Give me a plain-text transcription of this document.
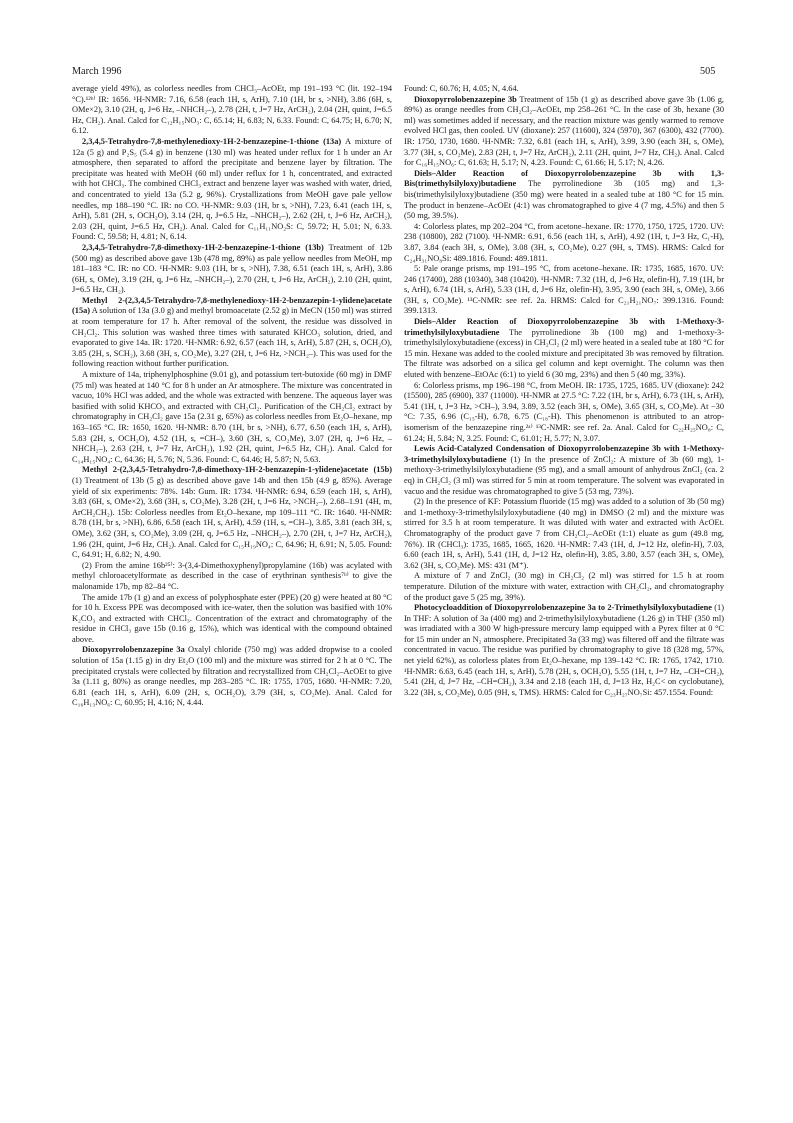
March 1996	505

average yield 49%), as colorless needles from CHCl₃–AcOEt, mp 191–193 °C (lit. 192–194 °C).¹²ᵇ⁾ IR: 1656. ¹H-NMR: 7.16, 6.58 (each 1H, s, ArH), 7.10 (1H, br s, >NH), 3.86 (6H, s, OMe×2), 3.10 (2H, q, J=6 Hz, –NHCH₂–), 2.78 (2H, t, J=7 Hz, ArCH₂), 2.04 (2H, quint, J=6.5 Hz, CH₂). Anal. Calcd for C₁₂H₁₅NO₃: C, 65.14; H, 6.83; N, 6.33. Found: C, 64.75; H, 6.70; N, 6.12.

2,3,4,5-Tetrahydro-7,8-methylenedioxy-1H-2-benzazepine-1-thione (13a) A mixture of 12a (5 g) and P₂S₅ (5.4 g) in benzene (130 ml) was heated under reflux for 1 h under an Ar atmosphere, then separated to afford the precipitate and benzene layer by filtration. The precipitate was heated with MeOH (60 ml) under reflux for 1 h, concentrated, and extracted with hot CHCl₃. The combined CHCl₃ extract and benzene layer was washed with water, dried, and concentrated to yield 13a (5.2 g, 96%). Crystallizations from MeOH gave pale yellow needles, mp 188–190 °C. IR: no CO. ¹H-NMR: 9.03 (1H, br s, >NH), 7.23, 6.41 (each 1H, s, ArH), 5.81 (2H, s, OCH₂O), 3.14 (2H, q, J=6.5 Hz, –NHCH₂–), 2.62 (2H, t, J=6 Hz, ArCH₂), 2.03 (2H, quint, J=6.5 Hz, CH₂). Anal. Calcd for C₁₁H₁₁NO₂S: C, 59.72; H, 5.01; N, 6.33. Found: C, 59.58; H, 4.81; N, 6.14.

2,3,4,5-Tetrahydro-7,8-dimethoxy-1H-2-benzazepine-1-thione (13b) Treatment of 12b (500 mg) as described above gave 13b (478 mg, 89%) as pale yellow needles from MeOH, mp 181–183 °C. IR: no CO. ¹H-NMR: 9.03 (1H, br s, >NH), 7.38, 6.51 (each 1H, s, ArH), 3.86 (6H, s, OMe), 3.19 (2H, q, J=6 Hz, –NHCH₂–), 2.70 (2H, t, J=6 Hz, ArCH₂), 2.10 (2H, quint, J=6.5 Hz, CH₂).

Methyl 2-(2,3,4,5-Tetrahydro-7,8-methylenedioxy-1H-2-benzazepin-1-ylidene)acetate (15a) A solution of 13a (3.0 g) and methyl bromoacetate (2.52 g) in MeCN (150 ml) was stirred at room temperature for 17 h. After removal of the solvent, the residue was dissolved in CH₂Cl₂. This solution was washed three times with saturated KHCO₃ solution, dried, and evaporated to give 14a. IR: 1720. ¹H-NMR: 6.92, 6.57 (each 1H, s, ArH), 5.87 (2H, s, OCH₂O), 3.85 (2H, s, SCH₂), 3.68 (3H, s, CO₂Me), 3.27 (2H, t, J=6 Hz, >NCH₂–). This was used for the following reaction without further purification.

A mixture of 14a, triphenylphosphine (9.01 g), and potassium tert-butoxide (60 mg) in DMF (75 ml) was heated at 140 °C for 8 h under an Ar atmosphere. The mixture was concentrated in vacuo, 10% HCl was added, and the whole was extracted with benzene. The aqueous layer was basified with solid KHCO₃ and extracted with CH₂Cl₂. Purification of the CH₂Cl₂ extract by chromatography in CH₂Cl₂ gave 15a (2.31 g, 65%) as colorless needles from Et₂O–hexane, mp 163–165 °C. IR: 1650, 1620. ¹H-NMR: 8.70 (1H, br s, >NH), 6.77, 6.50 (each 1H, s, ArH), 5.83 (2H, s, OCH₂O), 4.52 (1H, s, =CH–), 3.60 (3H, s, CO₂Me), 3.07 (2H, q, J=6 Hz, –NHCH₂–), 2.63 (2H, t, J=7 Hz, ArCH₂), 1.92 (2H, quint, J=6.5 Hz, CH₂). Anal. Calcd for C₁₄H₁₅NO₄: C, 64.36; H, 5.76; N, 5.36. Found: C, 64.46; H, 5.87; N, 5.63.

Methyl 2-(2,3,4,5-Tetrahydro-7,8-dimethoxy-1H-2-benzazepin-1-ylidene)acetate (15b) (1) Treatment of 13b (5 g) as described above gave 14b and then 15b (4.9 g, 85%). Average yield of six experiments: 78%. 14b: Gum. IR: 1734. ¹H-NMR: 6.94, 6.59 (each 1H, s, ArH), 3.83 (6H, s, OMe×2), 3.68 (3H, s, CO₂Me), 3.28 (2H, t, J=6 Hz, >NCH₂–), 2.68–1.91 (4H, m, ArCH₂CH₂). 15b: Colorless needles from Et₂O–hexane, mp 109–111 °C. IR: 1640. ¹H-NMR: 8.78 (1H, br s, >NH), 6.86, 6.58 (each 1H, s, ArH), 4.59 (1H, s, =CH–), 3.85, 3.81 (each 3H, s, OMe), 3.62 (3H, s, CO₂Me), 3.09 (2H, q, J=6.5 Hz, –NHCH₂–), 2.70 (2H, t, J=7 Hz, ArCH₂), 1.96 (2H, quint, J=6 Hz, CH₂). Anal. Calcd for C₁₅H₁₉NO₄: C, 64.96; H, 6.91; N, 5.05. Found: C, 64.91; H, 6.82; N, 4.90.

(2) From the amine 16b²⁵⁾: 3-(3,4-Dimethoxyphenyl)propylamine (16b) was acylated with methyl chloroacetylformate as described in the case of erythrinan synthesis⁷ᵇ⁾ to give the malonamide 17b, mp 82–84 °C.

The amide 17b (1 g) and an excess of polyphosphate ester (PPE) (20 g) were heated at 80 °C for 10 h. Excess PPE was decomposed with ice-water, then the solution was basified with 10% K₂CO₃ and extracted with CHCl₃. Concentration of the extract and chromatography of the residue in CHCl₃ gave 15b (0.16 g, 15%), which was identical with the compound obtained above.

Dioxopyrrolobenzazepine 3a Oxalyl chloride (750 mg) was added dropwise to a cooled solution of 15a (1.15 g) in dry Et₂O (100 ml) and the mixture was stirred for 2 h at 0 °C. The precipitated crystals were collected by filtration and recrystallized from CH₂Cl₂–AcOEt to give 3a (1.11 g, 80%) as orange needles, mp 283–285 °C. IR: 1755, 1705, 1680. ¹H-NMR: 7.20, 6.81 (each 1H, s, ArH), 6.09 (2H, s, OCH₂O), 3.79 (3H, s, CO₂Me). Anal. Calcd for C₁₆H₁₃NO₆: C, 60.95; H, 4.16; N, 4.44.

Found: C, 60.76; H, 4.05; N, 4.64.

Dioxopyrrolobenzazepine 3b Treatment of 15b (1 g) as described above gave 3b (1.06 g, 89%) as orange needles from CH₂Cl₂–AcOEt, mp 258–261 °C. In the case of 3b, hexane (30 ml) was sometimes added if necessary, and the reaction mixture was gently warmed to remove evolved HCl gas, then cooled. UV (dioxane): 257 (11600), 324 (5970), 367 (6300), 432 (7700). IR: 1750, 1730, 1680. ¹H-NMR: 7.32, 6.81 (each 1H, s, ArH), 3.99, 3.90 (each 3H, s, OMe), 3.77 (3H, s, CO₂Me), 2.83 (2H, t, J=7 Hz, ArCH₂), 2.11 (2H, quint, J=7 Hz, CH₂). Anal. Calcd for C₁₆H₁₅NO₆: C, 61.63; H, 5.17; N, 4.23. Found: C, 61.66; H, 5.17; N, 4.26.

Diels–Alder Reaction of Dioxopyrrolobenzazepine 3b with 1,3-Bis(trimethylsilyloxy)butadiene The pyrrolinedione 3b (105 mg) and 1,3-bis(trimethylsilyloxy)butadiene (350 mg) were heated in a sealed tube at 180 °C for 15 min. The product in benzene–AcOEt (4:1) was chromatographed to give 4 (7 mg, 4.5%) and then 5 (50 mg, 39.5%).

4: Colorless plates, mp 202–204 °C, from acetone–hexane. IR: 1770, 1750, 1725, 1720. UV: 238 (10800), 282 (7100). ¹H-NMR: 6.91, 6.56 (each 1H, s, ArH), 4.92 (1H, t, J=3 Hz, C₁-H), 3.87, 3.84 (each 3H, s, OMe), 3.08 (3H, s, CO₂Me), 0.27 (9H, s, TMS). HRMS: Calcd for C₂₄H₃₁NO₈Si: 489.1816. Found: 489.1811.

5: Pale orange prisms, mp 191–195 °C, from acetone–hexane. IR: 1735, 1685, 1670. UV: 246 (17400), 288 (10340), 348 (10420). ¹H-NMR: 7.32 (1H, d, J=6 Hz, olefin-H), 7.19 (1H, br s, ArH), 6.74 (1H, s, ArH), 5.33 (1H, d, J=6 Hz, olefin-H), 3.95, 3.90 (each 3H, s, OMe), 3.66 (3H, s, CO₂Me). ¹³C-NMR: see ref. 2a. HRMS: Calcd for C₂₁H₂₁NO₇: 399.1316. Found: 399.1313.

Diels–Alder Reaction of Dioxopyrrolobenzazepine 3b with 1-Methoxy-3-trimethylsilyloxybutadiene The pyrrolinedione 3b (100 mg) and 1-methoxy-3-trimethylsilyloxybutadiene (excess) in CH₂Cl₂ (2 ml) were heated in a sealed tube at 180 °C for 15 min. Hexane was added to the cooled mixture and precipitated 3b was removed by filtration. The filtrate was adsorbed on a silica gel column and kept overnight. The column was then eluted with benzene–EtOAc (6:1) to yield 6 (30 mg, 23%) and then 5 (40 mg, 33%).

6: Colorless prisms, mp 196–198 °C, from MeOH. IR: 1735, 1725, 1685. UV (dioxane): 242 (15500), 285 (6900), 337 (11000). ¹H-NMR at 27.5 °C: 7.22 (1H, br s, ArH), 6.73 (1H, s, ArH), 5.41 (1H, t, J=3 Hz, >CH–), 3.94, 3.89, 3.52 (each 3H, s, OMe), 3.65 (3H, s, CO₂Me). At −30 °C: 7.35, 6.96 (C₁₅-H), 6.78, 6.75 (C₁₈-H). This phenomenon is attributed to an atrop-isomerism of the benzazepine ring.²ᵃ⁾ ¹³C-NMR: see ref. 2a. Anal. Calcd for C₂₂H₂₅NO₈: C, 61.24; H, 5.84; N, 3.25. Found: C, 61.01; H, 5.77; N, 3.07.

Lewis Acid-Catalyzed Condensation of Dioxopyrrolobenzazepine 3b with 1-Methoxy-3-trimethylsilyloxybutadiene (1) In the presence of ZnCl₂: A mixture of 3b (60 mg), 1-methoxy-3-trimethylsilyloxybutadiene (95 mg), and a small amount of anhydrous ZnCl₂ (ca. 2 eq) in CH₂Cl₂ (3 ml) was stirred for 5 min at room temperature. The solvent was evaporated in vacuo and the residue was chromatographed to give 5 (53 mg, 73%).

(2) In the presence of KF: Potassium fluoride (15 mg) was added to a solution of 3b (50 mg) and 1-methoxy-3-trimethylsilyloxybutadiene (40 mg) in DMSO (2 ml) and the mixture was stirred for 3.5 h at room temperature. It was diluted with water and extracted with AcOEt. Chromatography of the product gave 7 from CH₂Cl₂–AcOEt (1:1) eluate as gum (49.8 mg, 76%). IR (CHCl₃): 1735, 1685, 1665, 1620. ¹H-NMR: 7.43 (1H, d, J=12 Hz, olefin-H), 7.03, 6.60 (each 1H, s, ArH), 5.41 (1H, d, J=12 Hz, olefin-H), 3.85, 3.80, 3.57 (each 3H, s, OMe), 3.62 (3H, s, CO₂Me). MS: 431 (M⁺).

A mixture of 7 and ZnCl₂ (30 mg) in CH₂Cl₂ (2 ml) was stirred for 1.5 h at room temperature. Dilution of the mixture with water, extraction with CH₂Cl₂, and chromatography of the product gave 5 (25 mg, 39%).

Photocycloaddition of Dioxopyrrolobenzazepine 3a to 2-Trimethylsilyloxybutadiene (1) In THF: A solution of 3a (400 mg) and 2-trimethylsilyloxybutadiene (1.26 g) in THF (350 ml) was irradiated with a 300 W high-pressure mercury lamp equipped with a Pyrex filter at 0 °C for 15 min under an N₂ atmosphere. Precipitated 3a (33 mg) was filtered off and the filtrate was concentrated in vacuo. The residue was purified by chromatography to give 18 (328 mg, 57%, net yield 62%), as colorless plates from Et₂O–hexane, mp 139–142 °C. IR: 1765, 1742, 1710. ¹H-NMR: 6.63, 6.45 (each 1H, s, ArH), 5.78 (2H, s, OCH₂O), 5.55 (1H, t, J=7 Hz, –CH=CH₂), 5.41 (2H, d, J=7 Hz, –CH=CH₂), 3.34 and 2.18 (each 1H, d, J=13 Hz, H₂C< on cyclobutane), 3.22 (3H, s, CO₂Me), 0.05 (9H, s, TMS). HRMS: Calcd for C₂₃H₂₇NO₇Si: 457.1554. Found:
